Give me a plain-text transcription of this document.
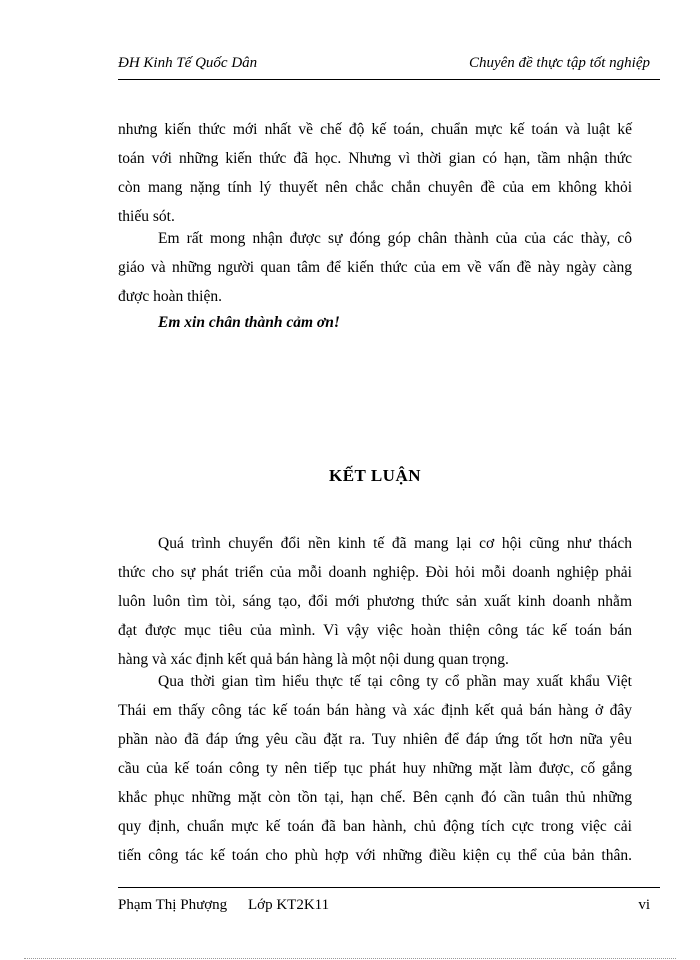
ĐH Kinh Tế Quốc Dân	Chuyên đề thực tập tốt nghiệp
nhưng kiến thức mới nhất về chế độ kế toán, chuẩn mực kế toán và luật kế
toán với những kiến thức đã học. Nhưng vì thời gian có hạn, tầm nhận thức
còn mang nặng tính lý thuyết nên chắc chắn chuyên đề của em không khỏi
thiếu sót.
Em rất mong nhận được sự đóng góp chân thành của của các thày, cô
giáo và những người quan tâm để kiến thức của em về vấn đề này ngày càng
được hoàn thiện.
Em xin chân thành cảm ơn!
KẾT LUẬN
Quá trình chuyển đổi nền kinh tế đã mang lại cơ hội cũng như thách
thức cho sự phát triển của mỗi doanh nghiệp. Đòi hỏi mỗi doanh nghiệp phải
luôn luôn tìm tòi, sáng tạo, đổi mới phương thức sản xuất kinh doanh nhằm
đạt được mục tiêu của mình. Vì vậy việc hoàn thiện công tác kế toán bán
hàng và xác định kết quả bán hàng là một nội dung quan trọng.
Qua thời gian tìm hiểu thực tế tại công ty cổ phần may xuất khẩu Việt
Thái em thấy công tác kế toán bán hàng và xác định kết quả bán hàng ở đây
phần nào đã đáp ứng yêu cầu đặt ra. Tuy nhiên để đáp ứng tốt hơn nữa yêu
cầu của kế toán công ty nên tiếp tục phát huy những mặt làm được, cố gắng
khắc phục những mặt còn tồn tại, hạn chế. Bên cạnh đó cần tuân thủ những
quy định, chuẩn mực kế toán đã ban hành, chủ động tích cực trong việc cải
tiến công tác kế toán cho phù hợp với những điều kiện cụ thể của bản thân.
Phạm Thị Phượng Lớp KT2K11	vi
